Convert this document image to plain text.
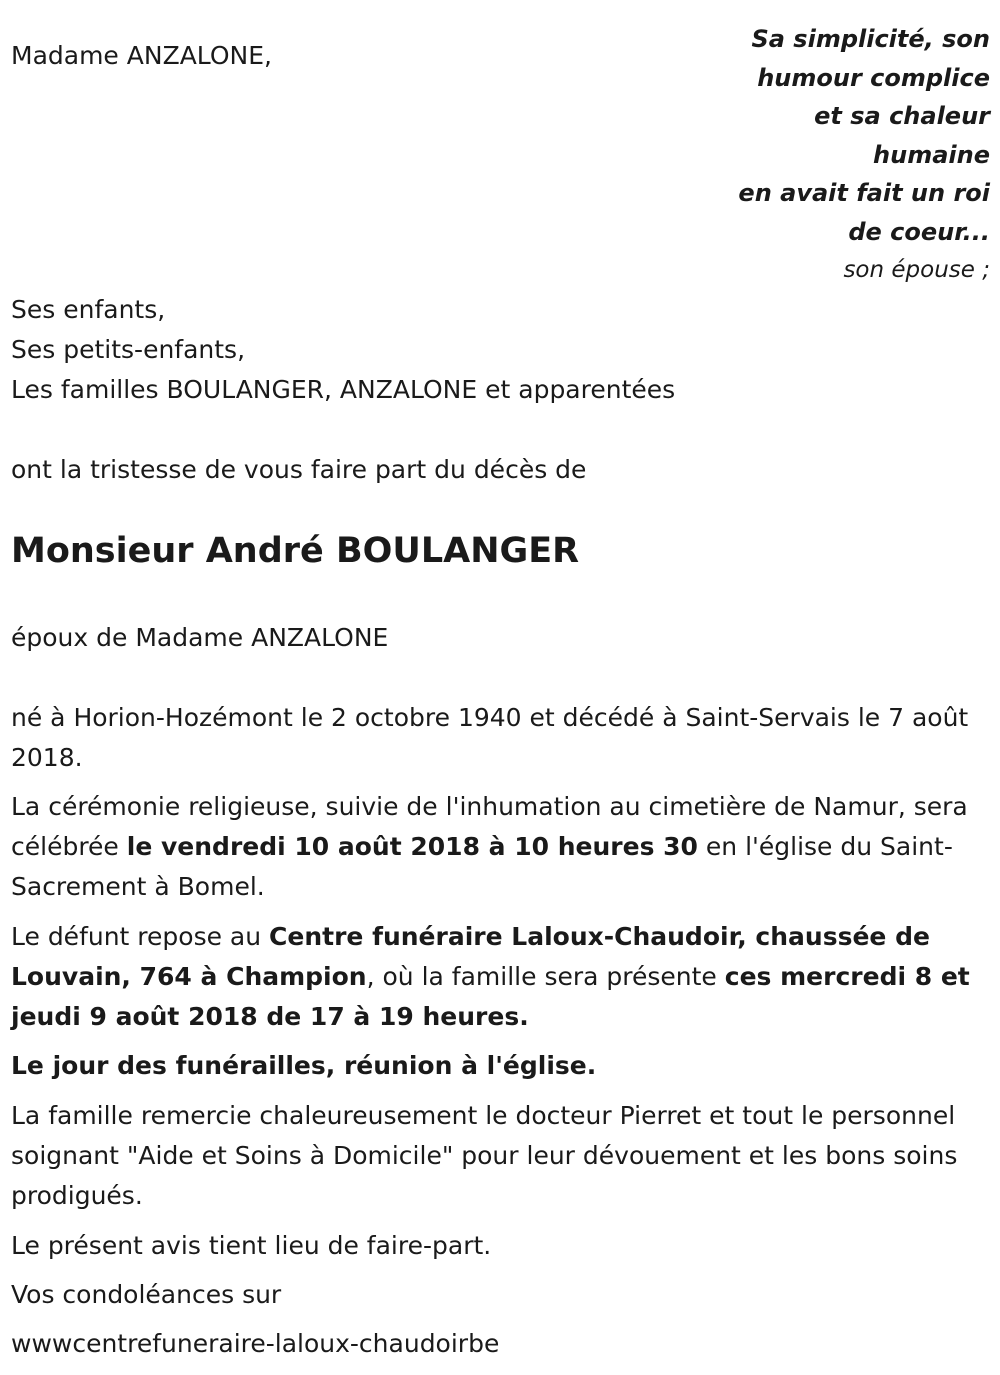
Madame ANZALONE,

Sa simplicité, son
humour complice
et sa chaleur
humaine
en avait fait un roi
de coeur...
son épouse ;

Ses enfants,

Ses petits-enfants,

Les familles BOULANGER, ANZALONE et apparentées

ont la tristesse de vous faire part du décès de

Monsieur André BOULANGER

époux de Madame ANZALONE

né à Horion-Hozémont le 2 octobre 1940 et décédé à Saint-Servais le 7 août 2018.

La cérémonie religieuse, suivie de l'inhumation au cimetière de Namur, sera célébrée le vendredi 10 août 2018 à 10 heures 30 en l'église du Saint-Sacrement à Bomel.

Le défunt repose au Centre funéraire Laloux-Chaudoir, chaussée de Louvain, 764 à Champion, où la famille sera présente ces mercredi 8 et jeudi 9 août 2018 de 17 à 19 heures.

Le jour des funérailles, réunion à l'église.

La famille remercie chaleureusement le docteur Pierret et tout le personnel soignant "Aide et Soins à Domicile" pour leur dévouement et les bons soins prodigués.

Le présent avis tient lieu de faire-part.

Vos condoléances sur

wwwcentrefuneraire-laloux-chaudoirbe
